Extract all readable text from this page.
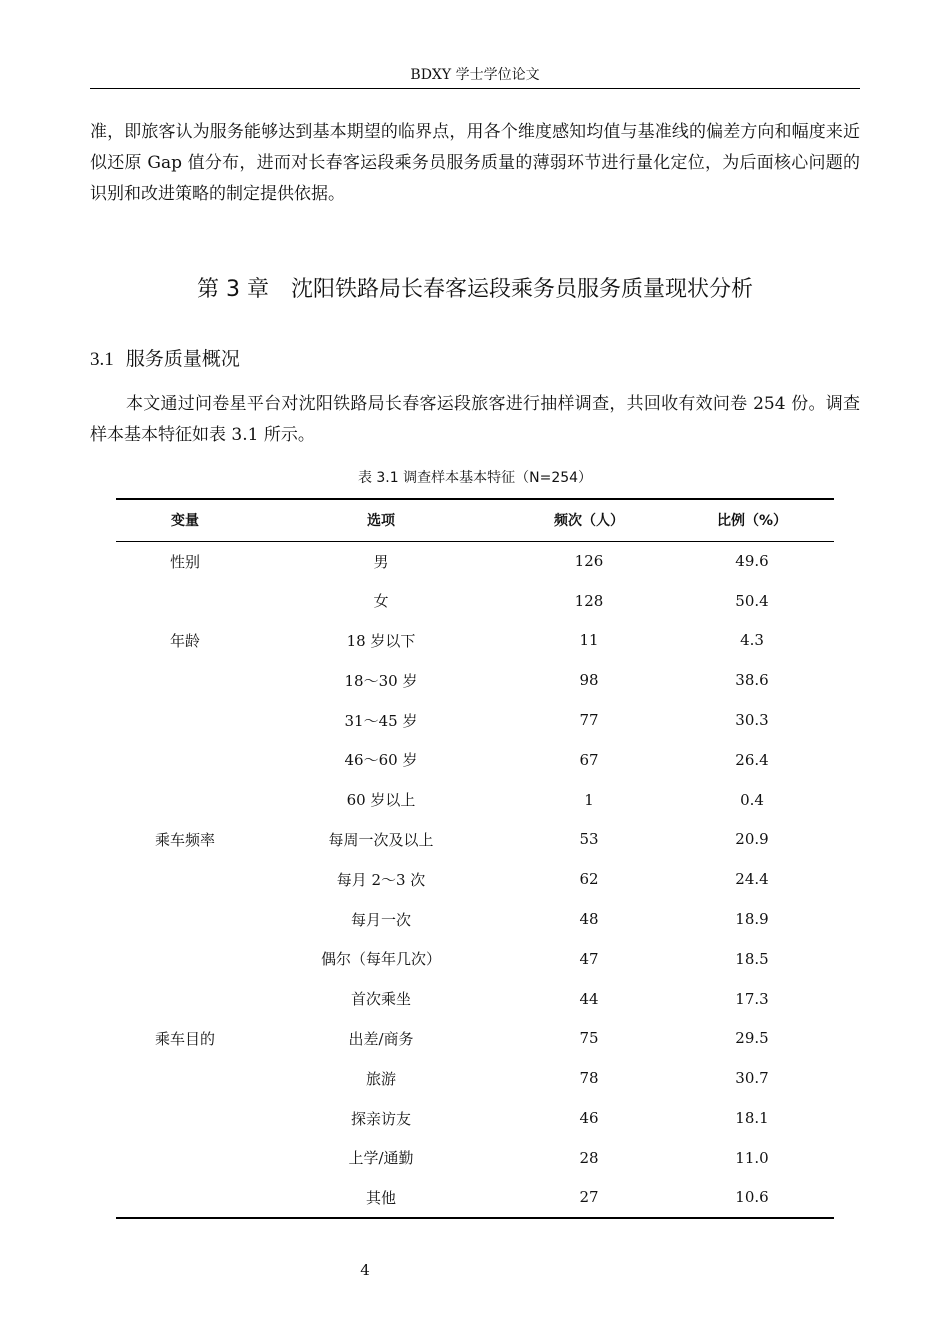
BDXY 学士学位论文

准，即旅客认为服务能够达到基本期望的临界点，用各个维度感知均值与基准线的偏差方向和幅度来近似还原 Gap 值分布，进而对长春客运段乘务员服务质量的薄弱环节进行量化定位，为后面核心问题的识别和改进策略的制定提供依据。

第 3 章　沈阳铁路局长春客运段乘务员服务质量现状分析
3.1 服务质量概况

本文通过问卷星平台对沈阳铁路局长春客运段旅客进行抽样调查，共回收有效问卷 254 份。调查样本基本特征如表 3.1 所示。

表 3.1 调查样本基本特征（N=254）
变量	选项	频次（人）	比例（%）
性别	男	126	49.6
	女	128	50.4
年龄	18 岁以下	11	4.3
	18～30 岁	98	38.6
	31～45 岁	77	30.3
	46～60 岁	67	26.4
	60 岁以上	1	0.4
乘车频率	每周一次及以上	53	20.9
	每月 2～3 次	62	24.4
	每月一次	48	18.9
	偶尔（每年几次）	47	18.5
	首次乘坐	44	17.3
乘车目的	出差/商务	75	29.5
	旅游	78	30.7
	探亲访友	46	18.1
	上学/通勤	28	11.0
	其他	27	10.6
4
